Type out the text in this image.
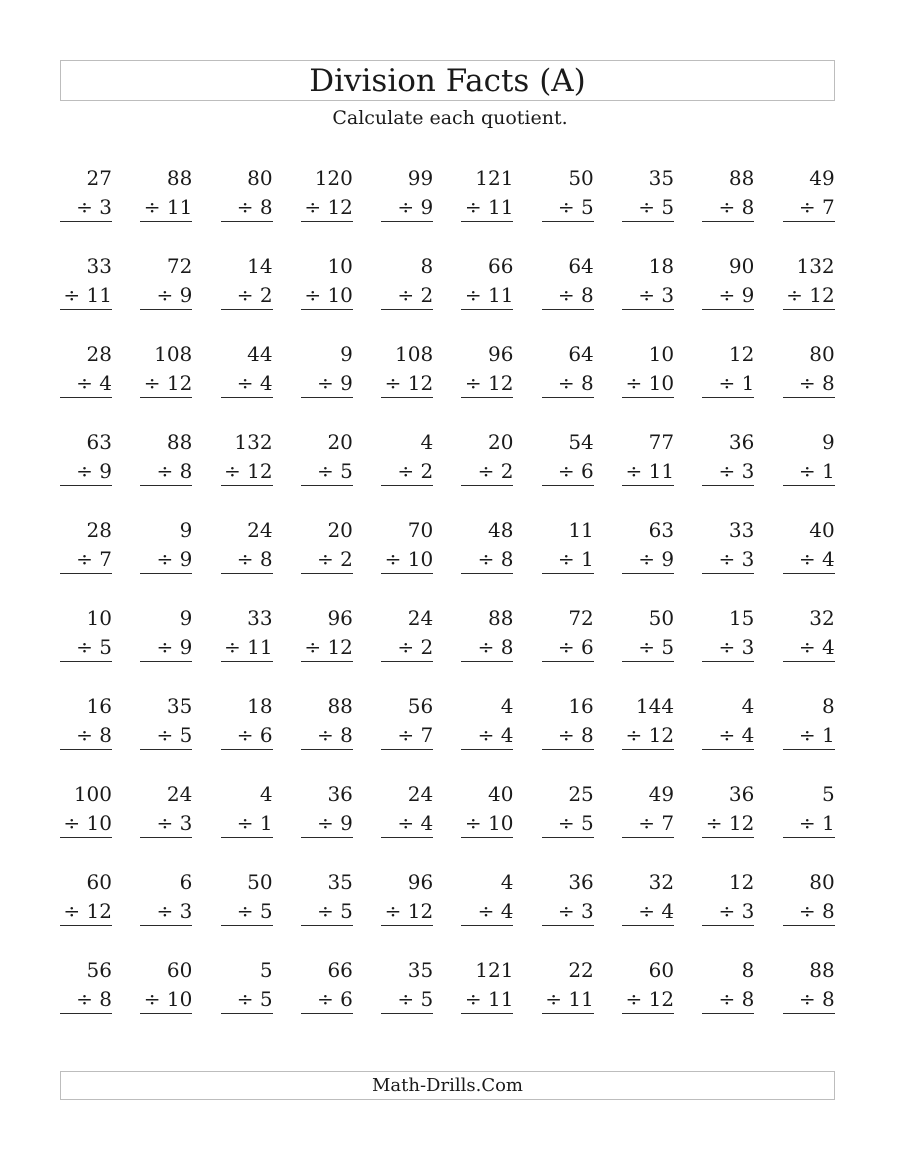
Division Facts (A)
Calculate each quotient.
27
÷ 3
88
÷ 11
80
÷ 8
120
÷ 12
99
÷ 9
121
÷ 11
50
÷ 5
35
÷ 5
88
÷ 8
49
÷ 7
33
÷ 11
72
÷ 9
14
÷ 2
10
÷ 10
8
÷ 2
66
÷ 11
64
÷ 8
18
÷ 3
90
÷ 9
132
÷ 12
28
÷ 4
108
÷ 12
44
÷ 4
9
÷ 9
108
÷ 12
96
÷ 12
64
÷ 8
10
÷ 10
12
÷ 1
80
÷ 8
63
÷ 9
88
÷ 8
132
÷ 12
20
÷ 5
4
÷ 2
20
÷ 2
54
÷ 6
77
÷ 11
36
÷ 3
9
÷ 1
28
÷ 7
9
÷ 9
24
÷ 8
20
÷ 2
70
÷ 10
48
÷ 8
11
÷ 1
63
÷ 9
33
÷ 3
40
÷ 4
10
÷ 5
9
÷ 9
33
÷ 11
96
÷ 12
24
÷ 2
88
÷ 8
72
÷ 6
50
÷ 5
15
÷ 3
32
÷ 4
16
÷ 8
35
÷ 5
18
÷ 6
88
÷ 8
56
÷ 7
4
÷ 4
16
÷ 8
144
÷ 12
4
÷ 4
8
÷ 1
100
÷ 10
24
÷ 3
4
÷ 1
36
÷ 9
24
÷ 4
40
÷ 10
25
÷ 5
49
÷ 7
36
÷ 12
5
÷ 1
60
÷ 12
6
÷ 3
50
÷ 5
35
÷ 5
96
÷ 12
4
÷ 4
36
÷ 3
32
÷ 4
12
÷ 3
80
÷ 8
56
÷ 8
60
÷ 10
5
÷ 5
66
÷ 6
35
÷ 5
121
÷ 11
22
÷ 11
60
÷ 12
8
÷ 8
88
÷ 8
Math-Drills.Com
